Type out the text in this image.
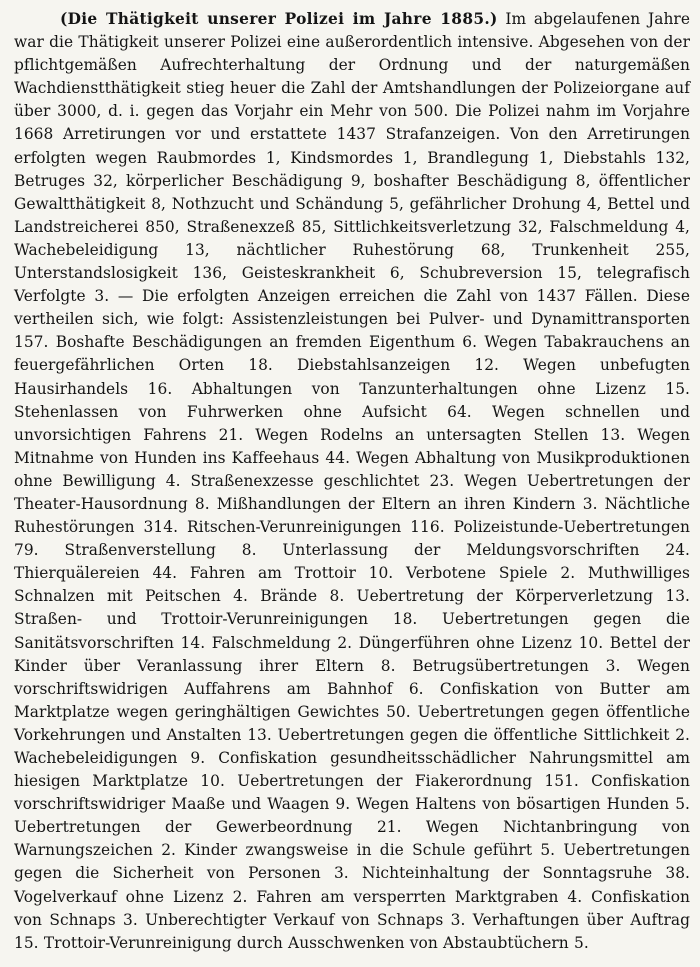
(Die Thätigkeit unserer Polizei im Jahre 1885.) Im abgelaufenen Jahre war die Thätigkeit unserer Polizei eine außerordentlich intensive. Abgesehen von der pflichtgemäßen Aufrechterhaltung der Ordnung und der naturgemäßen Wachdienstthätigkeit stieg heuer die Zahl der Amtshandlungen der Polizeiorgane auf über 3000, d. i. gegen das Vorjahr ein Mehr von 500. Die Polizei nahm im Vorjahre 1668 Arretirungen vor und erstattete 1437 Strafanzeigen. Von den Arretirungen erfolgten wegen Raubmordes 1, Kindsmordes 1, Brandlegung 1, Diebstahls 132, Betruges 32, körperlicher Beschädigung 9, boshafter Beschädigung 8, öffentlicher Gewaltthätigkeit 8, Nothzucht und Schändung 5, gefährlicher Drohung 4, Bettel und Landstreicherei 850, Straßenexzeß 85, Sittlichkeitsverletzung 32, Falschmeldung 4, Wachebeleidigung 13, nächtlicher Ruhestörung 68, Trunkenheit 255, Unterstandslosigkeit 136, Geisteskrankheit 6, Schubreversion 15, telegrafisch Verfolgte 3. — Die erfolgten Anzeigen erreichen die Zahl von 1437 Fällen. Diese vertheilen sich, wie folgt: Assistenzleistungen bei Pulver- und Dynamittransporten 157. Boshafte Beschädigungen an fremden Eigenthum 6. Wegen Tabakrauchens an feuergefährlichen Orten 18. Diebstahlsanzeigen 12. Wegen unbefugten Hausirhandels 16. Abhaltungen von Tanzunterhaltungen ohne Lizenz 15. Stehenlassen von Fuhrwerken ohne Aufsicht 64. Wegen schnellen und unvorsichtigen Fahrens 21. Wegen Rodelns an untersagten Stellen 13. Wegen Mitnahme von Hunden ins Kaffeehaus 44. Wegen Abhaltung von Musikproduktionen ohne Bewilligung 4. Straßenexzesse geschlichtet 23. Wegen Uebertretungen der Theater-Hausordnung 8. Mißhandlungen der Eltern an ihren Kindern 3. Nächtliche Ruhestörungen 314. Ritschen-Verunreinigungen 116. Polizeistunde-Uebertretungen 79. Straßenverstellung 8. Unterlassung der Meldungsvorschriften 24. Thierquälereien 44. Fahren am Trottoir 10. Verbotene Spiele 2. Muthwilliges Schnalzen mit Peitschen 4. Brände 8. Uebertretung der Körperverletzung 13. Straßen- und Trottoir-Verunreinigungen 18. Uebertretungen gegen die Sanitätsvorschriften 14. Falschmeldung 2. Düngerführen ohne Lizenz 10. Bettel der Kinder über Veranlassung ihrer Eltern 8. Betrugsübertretungen 3. Wegen vorschriftswidrigen Auffahrens am Bahnhof 6. Confiskation von Butter am Marktplatze wegen geringhältigen Gewichtes 50. Uebertretungen gegen öffentliche Vorkehrungen und Anstalten 13. Uebertretungen gegen die öffentliche Sittlichkeit 2. Wachebeleidigungen 9. Confiskation gesundheitsschädlicher Nahrungsmittel am hiesigen Marktplatze 10. Uebertretungen der Fiakerordnung 151. Confiskation vorschriftswidriger Maaße und Waagen 9. Wegen Haltens von bösartigen Hunden 5. Uebertretungen der Gewerbeordnung 21. Wegen Nichtanbringung von Warnungszeichen 2. Kinder zwangsweise in die Schule geführt 5. Uebertretungen gegen die Sicherheit von Personen 3. Nichteinhaltung der Sonntagsruhe 38. Vogelverkauf ohne Lizenz 2. Fahren am versperrten Marktgraben 4. Confiskation von Schnaps 3. Unberechtigter Verkauf von Schnaps 3. Verhaftungen über Auftrag 15. Trottoir-Verunreinigung durch Ausschwenken von Abstaubtüchern 5.
